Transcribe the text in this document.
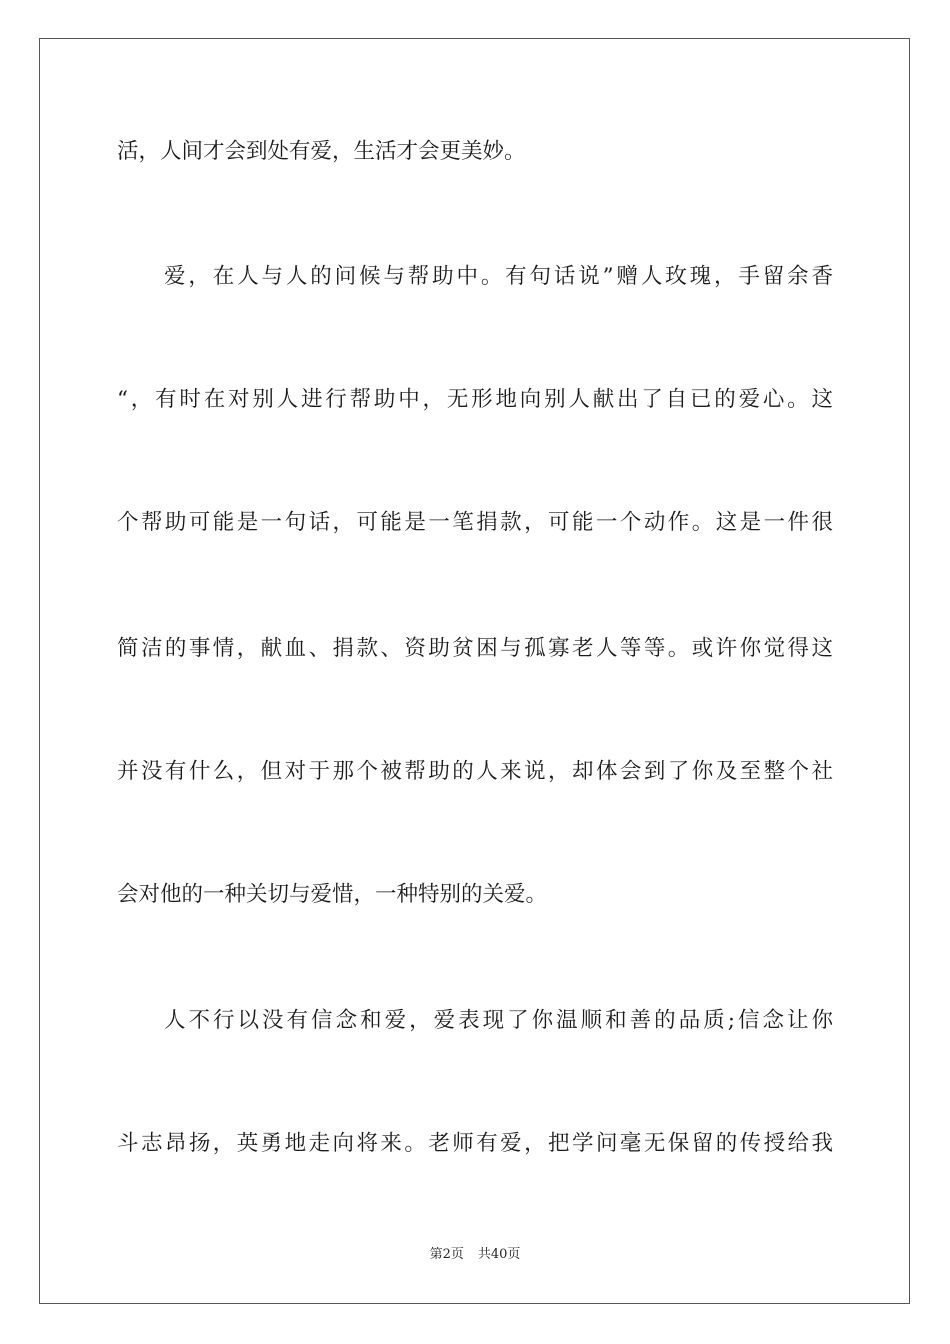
活，人间才会到处有爱，生活才会更美妙。
爱，在人与人的问候与帮助中。有句话说”赠人玫瑰，手留余香
“，有时在对别人进行帮助中，无形地向别人献出了自已的爱心。这
个帮助可能是一句话，可能是一笔捐款，可能一个动作。这是一件很
简洁的事情，献血、捐款、资助贫困与孤寡老人等等。或许你觉得这
并没有什么，但对于那个被帮助的人来说，却体会到了你及至整个社
会对他的一种关切与爱惜，一种特别的关爱。
人不行以没有信念和爱，爱表现了你温顺和善的品质;信念让你
斗志昂扬，英勇地走向将来。老师有爱，把学问毫无保留的传授给我
第2页 共40页
